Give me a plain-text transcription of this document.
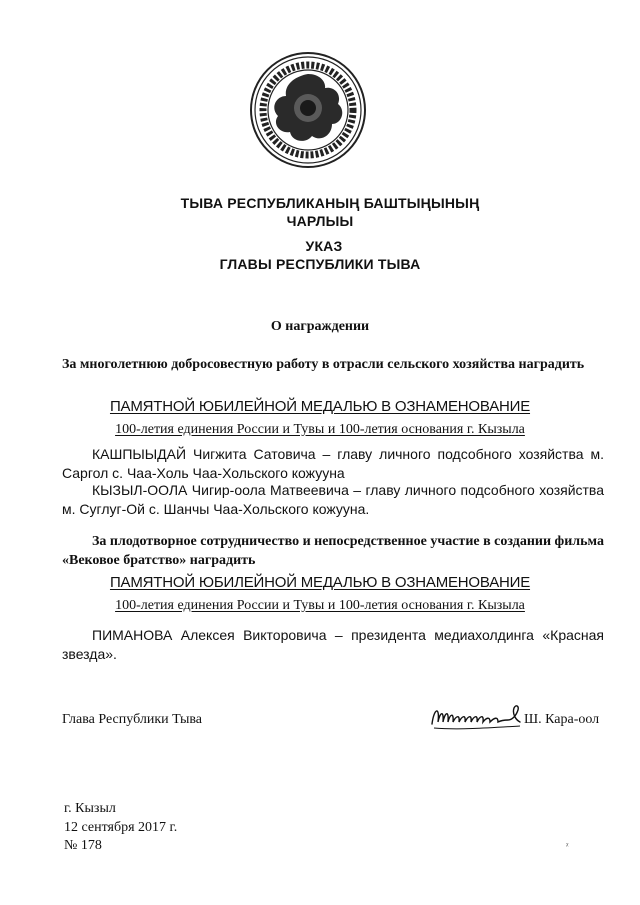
ТЫВА РЕСПУБЛИКАНЫҢ БАШТЫҢЫНЫҢ
ЧАРЛЫЫ
УКАЗ
ГЛАВЫ РЕСПУБЛИКИ ТЫВА
О награждении
За многолетнюю добросовестную работу в отрасли сельского хозяйства наградить
ПАМЯТНОЙ ЮБИЛЕЙНОЙ МЕДАЛЬЮ В ОЗНАМЕНОВАНИЕ
100-летия единения России и Тувы и 100-летия основания г. Кызыла
КАШПЫЫДАЙ Чигжита Сатовича – главу личного подсобного хозяйства м. Саргол с. Чаа-Холь Чаа-Хольского кожууна
КЫЗЫЛ-ООЛА Чигир-оола Матвеевича – главу личного подсобного хозяйства м. Суглуг-Ой с. Шанчы Чаа-Хольского кожууна.
За плодотворное сотрудничество и непосредственное участие в создании фильма «Вековое братство» наградить
ПАМЯТНОЙ ЮБИЛЕЙНОЙ МЕДАЛЬЮ В ОЗНАМЕНОВАНИЕ
100-летия единения России и Тувы и 100-летия основания г. Кызыла
ПИМАНОВА Алексея Викторовича – президента медиахолдинга «Красная звезда».
Глава Республики Тыва	Ш. Кара-оол
г. Кызыл
12 сентября 2017 г.
№ 178	ᵡ
